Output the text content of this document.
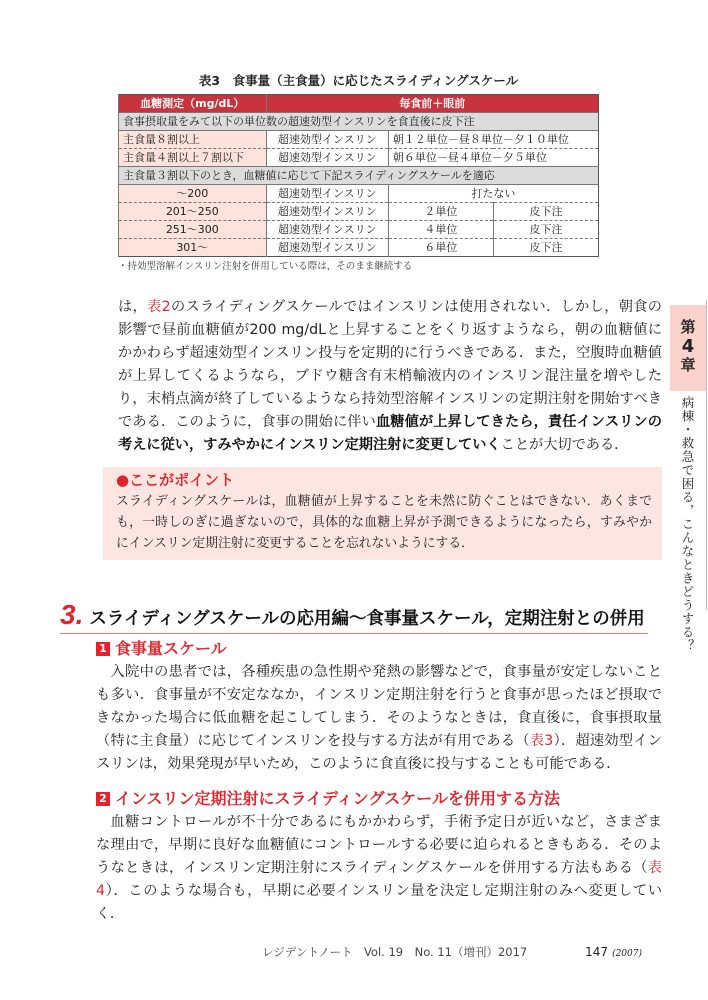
第
4
章
病棟・救急で困る，こんなときどうする？
表3　食事量（主食量）に応じたスライディングスケール
血糖測定（mg/dL）	毎食前＋眼前		
食事摂取量をみて以下の単位数の超速効型インスリンを食直後に皮下注			
主食量８割以上	超速効型インスリン	朝１２単位－昼８単位－夕１０単位	
主食量４割以上７割以下	超速効型インスリン	朝６単位－昼４単位－夕５単位	
主食量３割以下のとき，血糖値に応じて下記スライディングスケールを適応			
～200	超速効型インスリン	打たない	
201～250	超速効型インスリン	２単位	皮下注
251～300	超速効型インスリン	４単位	皮下注
301～	超速効型インスリン	６単位	皮下注
・持効型溶解インスリン注射を併用している際は，そのまま継続する
は，表2のスライディングスケールではインスリンは使用されない．しかし，朝食の影響で昼前血糖値が200 mg/dLと上昇することをくり返すようなら，朝の血糖値にかかわらず超速効型インスリン投与を定期的に行うべきである．また，空腹時血糖値が上昇してくるようなら，ブドウ糖含有末梢輸液内のインスリン混注量を増やしたり，末梢点滴が終了しているようなら持効型溶解インスリンの定期注射を開始すべきである．このように，食事の開始に伴い血糖値が上昇してきたら，責任インスリンの考えに従い，すみやかにインスリン定期注射に変更していくことが大切である．
●ここがポイント
スライディングスケールは，血糖値が上昇することを未然に防ぐことはできない．あくまでも，一時しのぎに過ぎないので，具体的な血糖上昇が予測できるようになったら，すみやかにインスリン定期注射に変更することを忘れないようにする．
3. スライディングスケールの応用編～食事量スケール，定期注射との併用
1 食事量スケール
　入院中の患者では，各種疾患の急性期や発熱の影響などで，食事量が安定しないことも多い．食事量が不安定ななか，インスリン定期注射を行うと食事が思ったほど摂取できなかった場合に低血糖を起こしてしまう．そのようなときは，食直後に，食事摂取量（特に主食量）に応じてインスリンを投与する方法が有用である（表3）．超速効型インスリンは，効果発現が早いため，このように食直後に投与することも可能である．
2 インスリン定期注射にスライディングスケールを併用する方法
　血糖コントロールが不十分であるにもかかわらず，手術予定日が近いなど，さまざまな理由で，早期に良好な血糖値にコントロールする必要に迫られるときもある．そのようなときは，インスリン定期注射にスライディングスケールを併用する方法もある（表4）．このような場合も，早期に必要インスリン量を決定し定期注射のみへ変更していく．
レジデントノート　Vol. 19　No. 11（増刊）2017	147 (2007)
